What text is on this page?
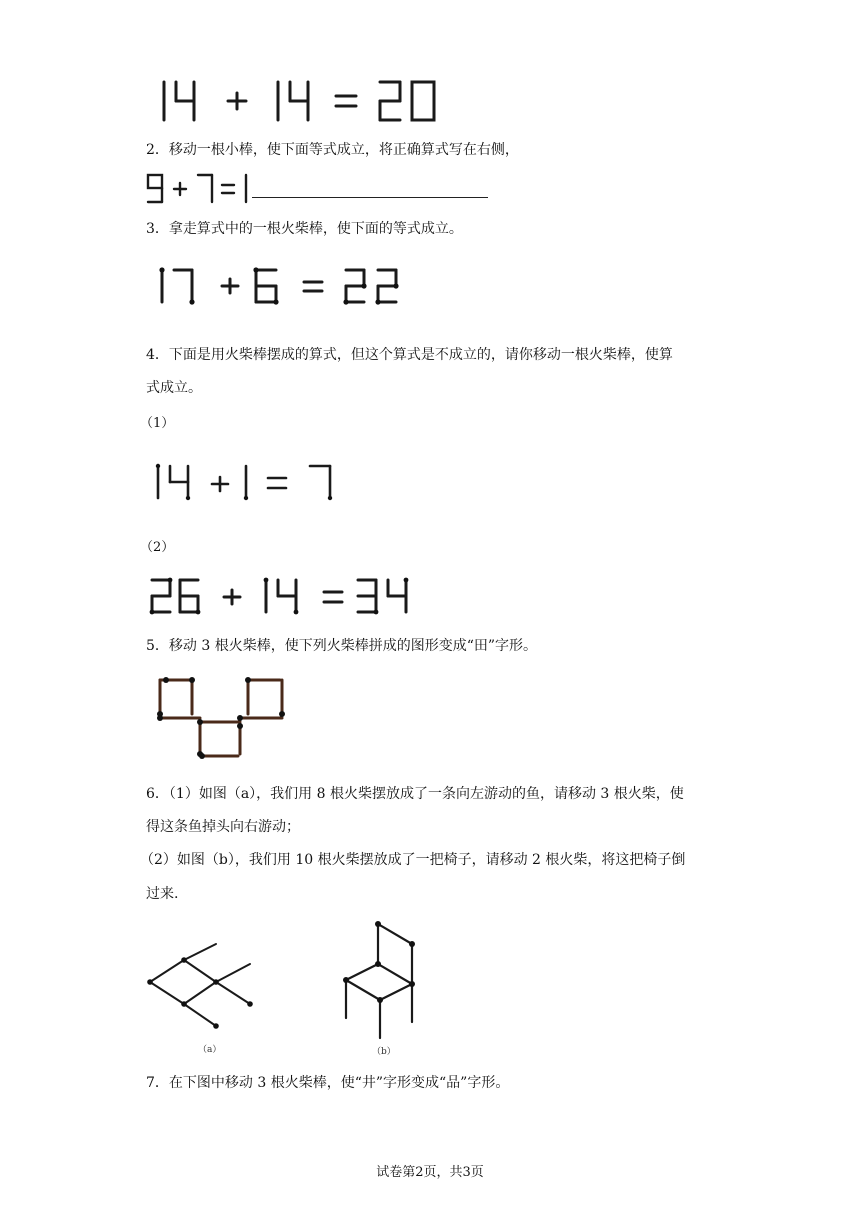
2．移动一根小棒，使下面等式成立，将正确算式写在右侧，
3．拿走算式中的一根火柴棒，使下面的等式成立。
4．下面是用火柴棒摆成的算式，但这个算式是不成立的，请你移动一根火柴棒，使算
式成立。
（1）
（2）
5．移动 3 根火柴棒，使下列火柴棒拼成的图形变成“田”字形。
6．（1）如图（a），我们用 8 根火柴摆放成了一条向左游动的鱼，请移动 3 根火柴，使
得这条鱼掉头向右游动；
（2）如图（b），我们用 10 根火柴摆放成了一把椅子，请移动 2 根火柴，将这把椅子倒
过来.
（a）	（b）
7．在下图中移动 3 根火柴棒，使“井”字形变成“品”字形。
试卷第2页，共3页
